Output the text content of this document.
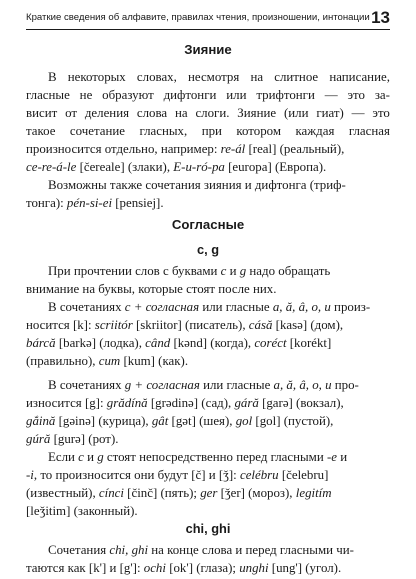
Краткие сведения об алфавите, правилах чтения, произношении, интонации 13
Зияние
В некоторых словах, несмотря на слитное написание,
гласные не образуют дифтонги или трифтонги — это за-
висит от деления слова на слоги. Зияние (или гиат) — это
такое сочетание гласных, при котором каждая гласная
произносится отдельно, например: re-ál [real] (реальный),
ce-re-á-le [čereale] (злаки), E-u-ró-pa [europa] (Европа).
Возможны также сочетания зияния и дифтонга (триф-
тонга): pén-si-ei [pensiej].
Согласные
c, g
При прочтении слов с буквами c и g надо обращать
внимание на буквы, которые стоят после них.
В сочетаниях c + согласная или гласные a, ă, â, o, u произ-
носится [k]: scriitór [skriitor] (писатель), cásă [kasə] (дом),
bárcă [barkə] (лодка), când [kənd] (когда), coréct [korékt]
(правильно), cum [kum] (как).
В сочетаниях g + согласная или гласные a, ă, â, o, u про-
износится [g]: grădínă [grədinə] (сад), gáră [garə] (вокзал),
gắină [gəinə] (курица), gât [gət] (шея), gol [gol] (пустой),
gúră [gurə] (рот).
Если c и g стоят непосредственно перед гласными -e и
-i, то произносится они будут [č] и [ǯ]: celébru [čelebru]
(известный), cínci [činč] (пять); ger [ǯer] (мороз), legitím
[leǯitim] (законный).
chi, ghi
Сочетания chi, ghi на конце слова и перед гласными чи-
таются как [k'] и [g']: ochi [ok'] (глаза); unghi [ung'] (угол).
